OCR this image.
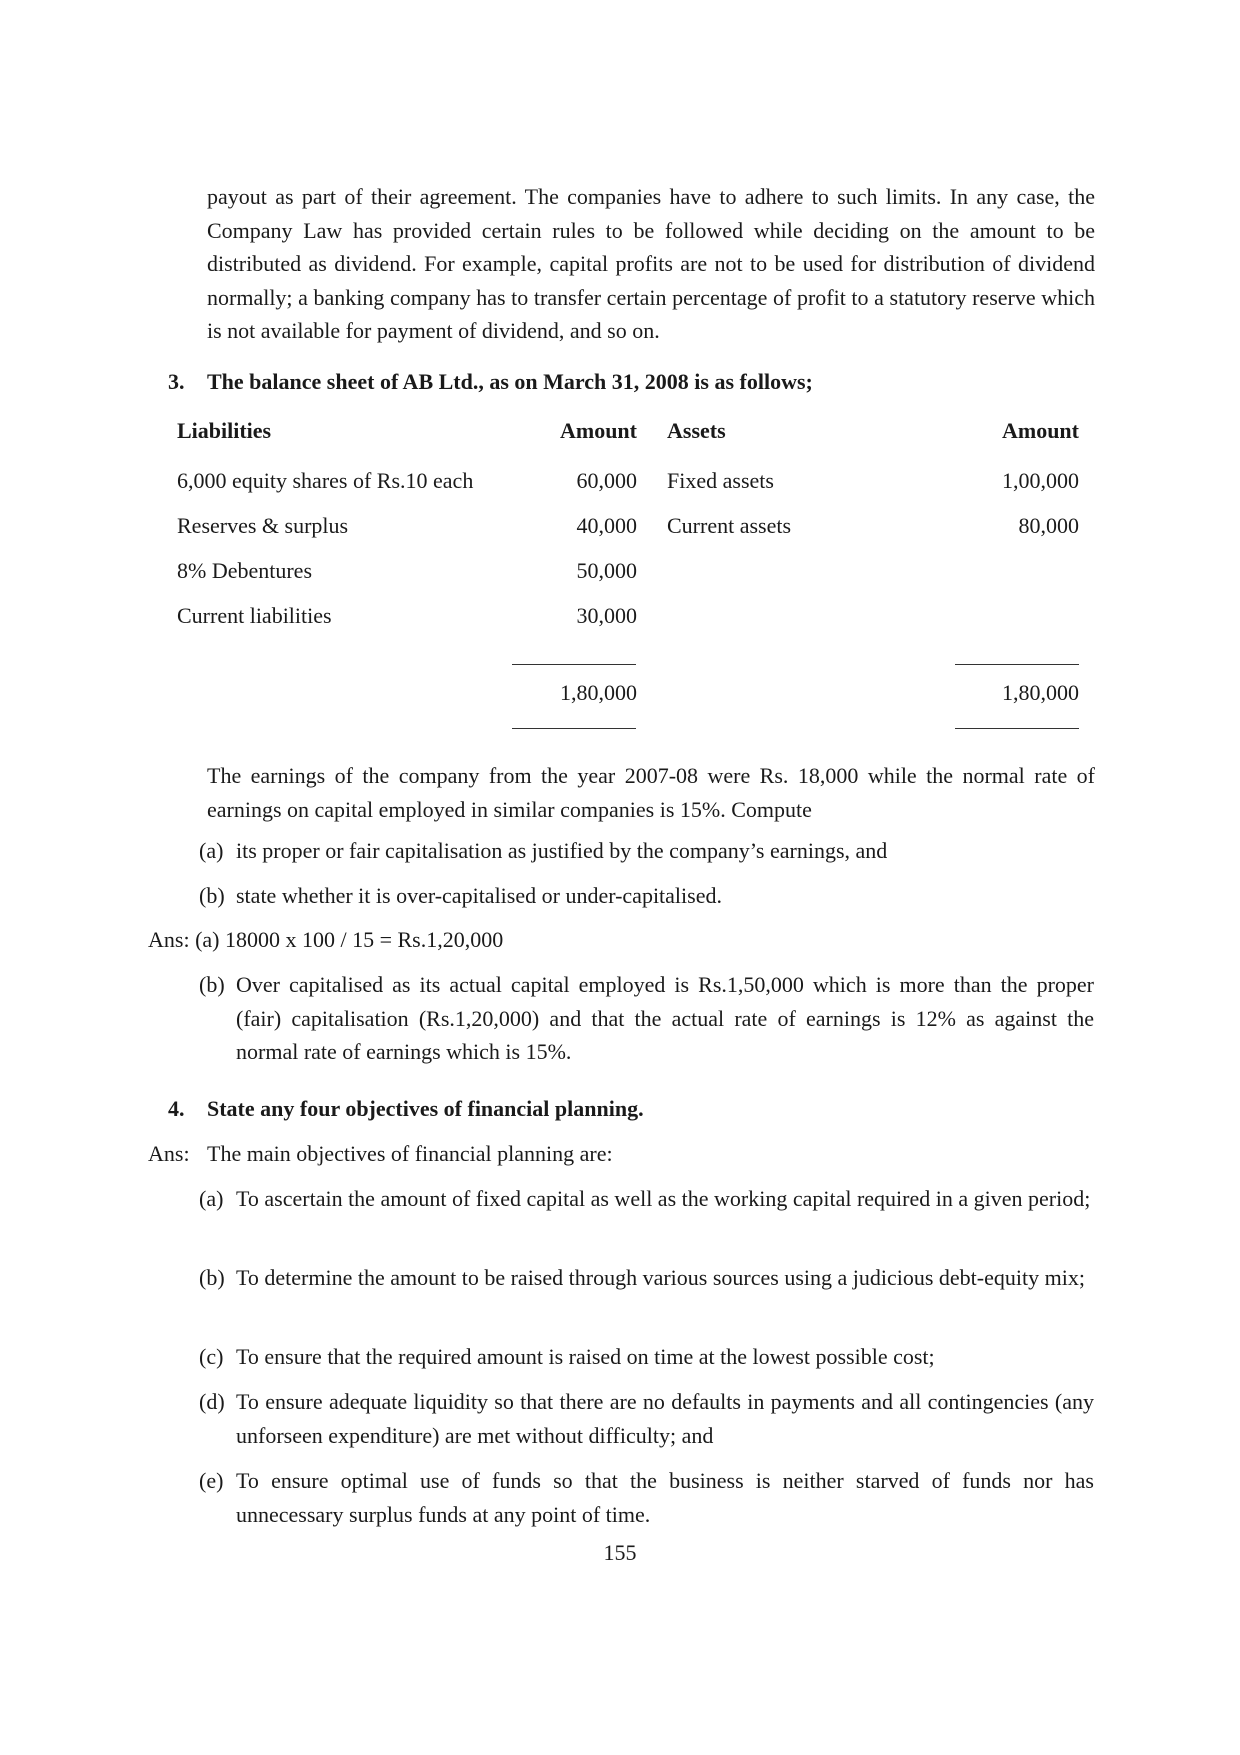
payout as part of their agreement. The companies have to adhere to such limits. In any case, the Company Law has provided certain rules to be followed while deciding on the amount to be distributed as dividend. For example, capital profits are not to be used for distribution of dividend normally; a banking company has to transfer certain percentage of profit to a statutory reserve which is not available for payment of dividend, and so on.

3. The balance sheet of AB Ltd., as on March 31, 2008 is as follows;
Liabilities	Amount Assets	Amount
6,000 equity shares of Rs.10 each	60,000 Fixed assets	1,00,000
Reserves & surplus	40,000 Current assets	80,000
8% Debentures	50,000
Current liabilities	30,000
1,80,000	1,80,000

The earnings of the company from the year 2007-08 were Rs. 18,000 while the normal rate of earnings on capital employed in similar companies is 15%. Compute

(a) its proper or fair capitalisation as justified by the company’s earnings, and
(b) state whether it is over-capitalised or under-capitalised.
Ans: (a) 18000 x 100 / 15 = Rs.1,20,000
(b) Over capitalised as its actual capital employed is Rs.1,50,000 which is more than the proper (fair) capitalisation (Rs.1,20,000) and that the actual rate of earnings is 12% as against the normal rate of earnings which is 15%.
4. State any four objectives of financial planning.
Ans: The main objectives of financial planning are:
(a) To ascertain the amount of fixed capital as well as the working capital required in a given period;
(b) To determine the amount to be raised through various sources using a judicious debt-equity mix;
(c) To ensure that the required amount is raised on time at the lowest possible cost;
(d) To ensure adequate liquidity so that there are no defaults in payments and all contingencies (any unforseen expenditure) are met without difficulty; and
(e) To ensure optimal use of funds so that the business is neither starved of funds nor has unnecessary surplus funds at any point of time.
155
